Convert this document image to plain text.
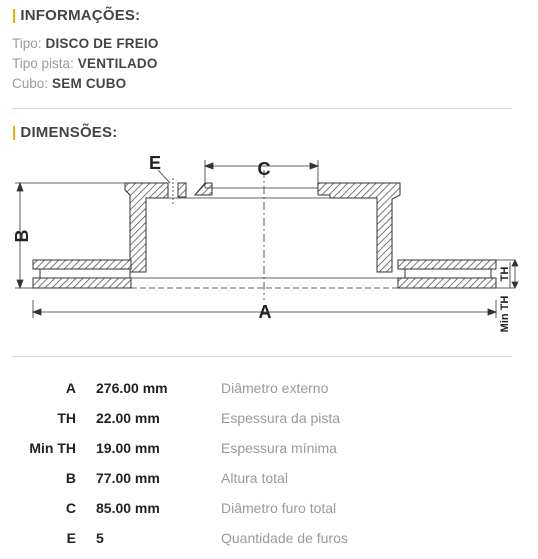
| INFORMAÇÕES:
Tipo: DISCO DE FREIO
Tipo pista: VENTILADO
Cubo: SEM CUBO
| DIMENSÕES:
C
E
A
B
TH
Min TH
A 276.00 mm	Diâmetro externo
TH 22.00 mm	Espessura da pista
Min TH 19.00 mm	Espessura mínima
B 77.00 mm	Altura total
C 85.00 mm	Diâmetro furo total
E 5	Quantidade de furos
